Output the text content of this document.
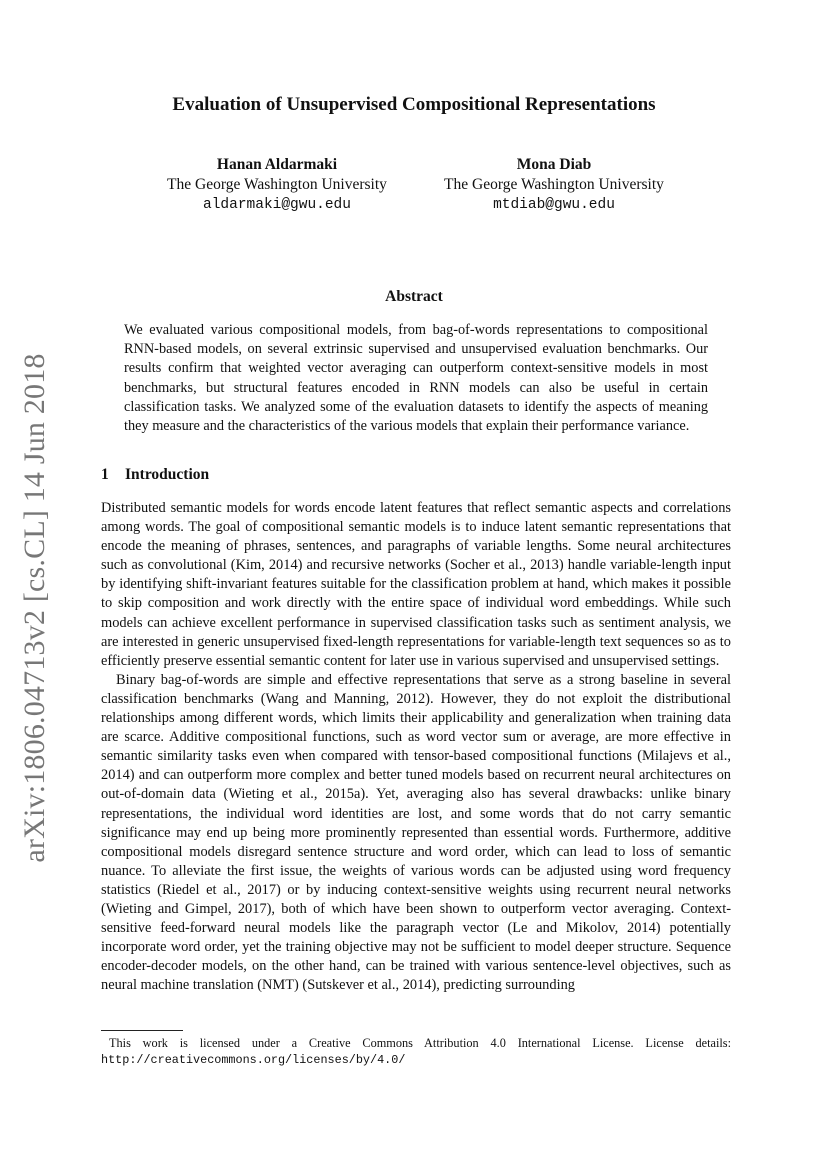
arXiv:1806.04713v2 [cs.CL] 14 Jun 2018
Evaluation of Unsupervised Compositional Representations
Hanan Aldarmaki
The George Washington University
aldarmaki@gwu.edu
Mona Diab
The George Washington University
mtdiab@gwu.edu
Abstract
We evaluated various compositional models, from bag-of-words representations to compositional RNN-based models, on several extrinsic supervised and unsupervised evaluation benchmarks. Our results confirm that weighted vector averaging can outperform context-sensitive models in most benchmarks, but structural features encoded in RNN models can also be useful in certain classification tasks. We analyzed some of the evaluation datasets to identify the aspects of meaning they measure and the characteristics of the various models that explain their performance variance.
1 Introduction

Distributed semantic models for words encode latent features that reflect semantic aspects and correlations among words. The goal of compositional semantic models is to induce latent semantic representations that encode the meaning of phrases, sentences, and paragraphs of variable lengths. Some neural architectures such as convolutional (Kim, 2014) and recursive networks (Socher et al., 2013) handle variable-length input by identifying shift-invariant features suitable for the classification problem at hand, which makes it possible to skip composition and work directly with the entire space of individual word embeddings. While such models can achieve excellent performance in supervised classification tasks such as sentiment analysis, we are interested in generic unsupervised fixed-length representations for variable-length text sequences so as to efficiently preserve essential semantic content for later use in various supervised and unsupervised settings.

Binary bag-of-words are simple and effective representations that serve as a strong baseline in several classification benchmarks (Wang and Manning, 2012). However, they do not exploit the distributional relationships among different words, which limits their applicability and generalization when training data are scarce. Additive compositional functions, such as word vector sum or average, are more effective in semantic similarity tasks even when compared with tensor-based compositional functions (Milajevs et al., 2014) and can outperform more complex and better tuned models based on recurrent neural architectures on out-of-domain data (Wieting et al., 2015a). Yet, averaging also has several drawbacks: unlike binary representations, the individual word identities are lost, and some words that do not carry semantic significance may end up being more prominently represented than essential words. Furthermore, additive compositional models disregard sentence structure and word order, which can lead to loss of semantic nuance. To alleviate the first issue, the weights of various words can be adjusted using word frequency statistics (Riedel et al., 2017) or by inducing context-sensitive weights using recurrent neural networks (Wieting and Gimpel, 2017), both of which have been shown to outperform vector averaging. Context-sensitive feed-forward neural models like the paragraph vector (Le and Mikolov, 2014) potentially incorporate word order, yet the training objective may not be sufficient to model deeper structure. Sequence encoder-decoder models, on the other hand, can be trained with various sentence-level objectives, such as neural machine translation (NMT) (Sutskever et al., 2014), predicting surrounding

This work is licensed under a Creative Commons Attribution 4.0 International License. License details: http://creativecommons.org/licenses/by/4.0/
